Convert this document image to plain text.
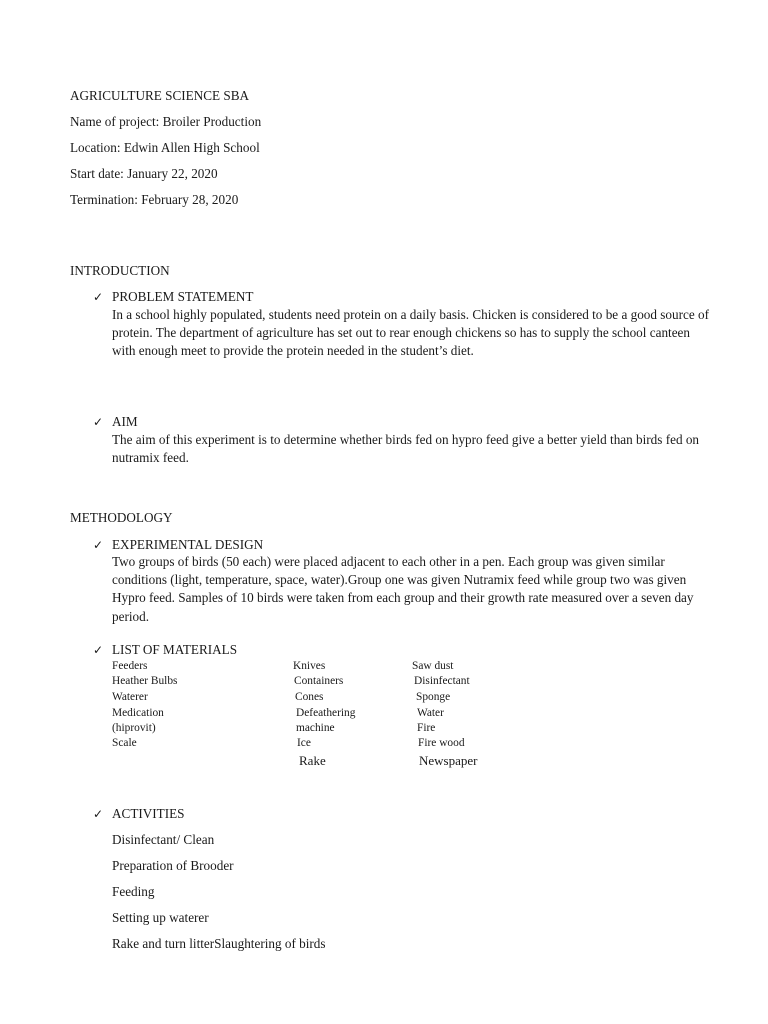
AGRICULTURE SCIENCE SBA
Name of project: Broiler Production
Location: Edwin Allen High School
Start date: January 22, 2020
Termination: February 28, 2020
INTRODUCTION
✓ PROBLEM STATEMENT
In a school highly populated, students need protein on a daily basis. Chicken is considered to be a good source of protein. The department of agriculture has set out to rear enough chickens so has to supply the school canteen with enough meet to provide the protein needed in the student’s diet.
✓ AIM
The aim of this experiment is to determine whether birds fed on hypro feed give a better yield than birds fed on nutramix feed.
METHODOLOGY
✓ EXPERIMENTAL DESIGN
Two groups of birds (50 each) were placed adjacent to each other in a pen. Each group was given similar conditions (light, temperature, space, water).Group one was given Nutramix feed while group two was given Hypro feed. Samples of 10 birds were taken from each group and their growth rate measured over a seven day period.
✓ LIST OF MATERIALS
Feeders
Heather Bulbs
Waterer
Medication
(hiprovit)
Scale
Knives
Containers
Cones
Defeathering
machine
Ice
Rake
Saw dust
Disinfectant
Sponge
Water
Fire
Fire wood
Newspaper
✓ ACTIVITIES
Disinfectant/ Clean
Preparation of Brooder
Feeding
Setting up waterer
Rake and turn litterSlaughtering of birds
